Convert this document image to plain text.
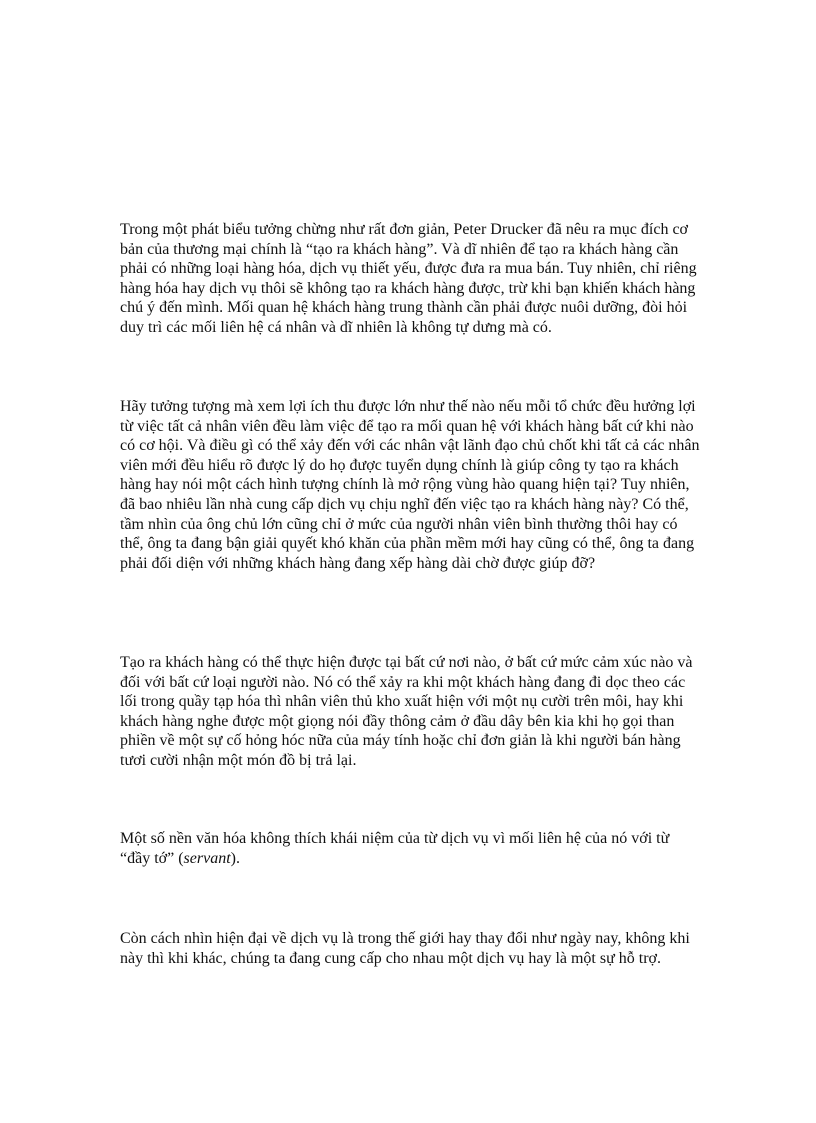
Trong một phát biểu tưởng chừng như rất đơn giản, Peter Drucker đã nêu ra mục đích cơ bản của thương mại chính là “tạo ra khách hàng”. Và dĩ nhiên để tạo ra khách hàng cần phải có những loại hàng hóa, dịch vụ thiết yếu, được đưa ra mua bán. Tuy nhiên, chỉ riêng hàng hóa hay dịch vụ thôi sẽ không tạo ra khách hàng được, trừ khi bạn khiến khách hàng chú ý đến mình. Mối quan hệ khách hàng trung thành cần phải được nuôi dưỡng, đòi hỏi duy trì các mối liên hệ cá nhân và dĩ nhiên là không tự dưng mà có.

Hãy tưởng tượng mà xem lợi ích thu được lớn như thế nào nếu mỗi tổ chức đều hưởng lợi từ việc tất cả nhân viên đều làm việc để tạo ra mối quan hệ với khách hàng bất cứ khi nào có cơ hội. Và điều gì có thể xảy đến với các nhân vật lãnh đạo chủ chốt khi tất cả các nhân viên mới đều hiểu rõ được lý do họ được tuyển dụng chính là giúp công ty tạo ra khách hàng hay nói một cách hình tượng chính là mở rộng vùng hào quang hiện tại? Tuy nhiên, đã bao nhiêu lần nhà cung cấp dịch vụ chịu nghĩ đến việc tạo ra khách hàng này? Có thể, tầm nhìn của ông chủ lớn cũng chỉ ở mức của người nhân viên bình thường thôi hay có thể, ông ta đang bận giải quyết khó khăn của phần mềm mới hay cũng có thể, ông ta đang phải đối diện với những khách hàng đang xếp hàng dài chờ được giúp đỡ?

Tạo ra khách hàng có thể thực hiện được tại bất cứ nơi nào, ở bất cứ mức cảm xúc nào và đối với bất cứ loại người nào. Nó có thể xảy ra khi một khách hàng đang đi dọc theo các lối trong quầy tạp hóa thì nhân viên thủ kho xuất hiện với một nụ cười trên môi, hay khi khách hàng nghe được một giọng nói đầy thông cảm ở đầu dây bên kia khi họ gọi than phiền về một sự cố hỏng hóc nữa của máy tính hoặc chỉ đơn giản là khi người bán hàng tươi cười nhận một món đồ bị trả lại.

Một số nền văn hóa không thích khái niệm của từ dịch vụ vì mối liên hệ của nó với từ “đầy tớ” (servant).

Còn cách nhìn hiện đại về dịch vụ là trong thế giới hay thay đổi như ngày nay, không khi này thì khi khác, chúng ta đang cung cấp cho nhau một dịch vụ hay là một sự hỗ trợ.
